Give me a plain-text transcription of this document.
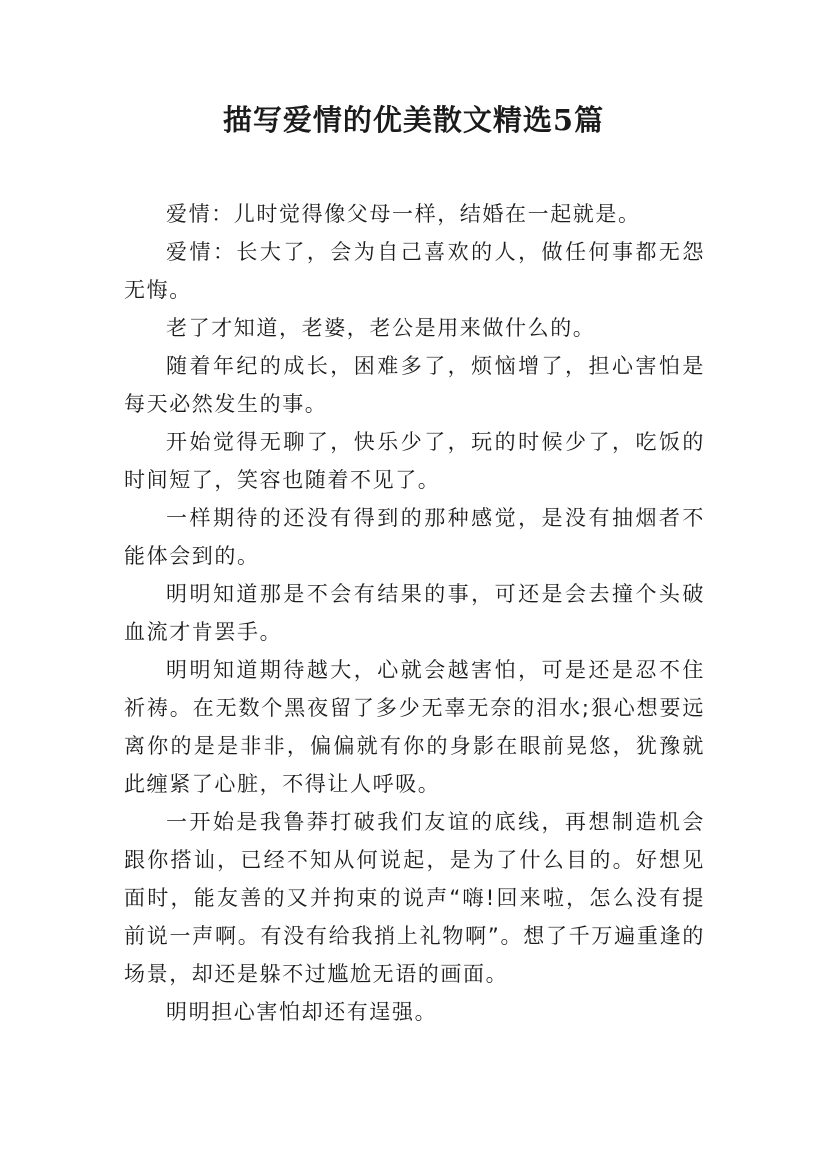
描写爱情的优美散文精选5篇

爱情：儿时觉得像父母一样，结婚在一起就是。

爱情：长大了，会为自己喜欢的人，做任何事都无怨无悔。

老了才知道，老婆，老公是用来做什么的。

随着年纪的成长，困难多了，烦恼增了，担心害怕是每天必然发生的事。

开始觉得无聊了，快乐少了，玩的时候少了，吃饭的时间短了，笑容也随着不见了。

一样期待的还没有得到的那种感觉，是没有抽烟者不能体会到的。

明明知道那是不会有结果的事，可还是会去撞个头破血流才肯罢手。

明明知道期待越大，心就会越害怕，可是还是忍不住祈祷。在无数个黑夜留了多少无辜无奈的泪水;狠心想要远离你的是是非非，偏偏就有你的身影在眼前晃悠，犹豫就此缠紧了心脏，不得让人呼吸。

一开始是我鲁莽打破我们友谊的底线，再想制造机会跟你搭讪，已经不知从何说起，是为了什么目的。好想见面时，能友善的又并拘束的说声“嗨!回来啦，怎么没有提前说一声啊。有没有给我捎上礼物啊”。想了千万遍重逢的场景，却还是躲不过尴尬无语的画面。

明明担心害怕却还有逞强。
